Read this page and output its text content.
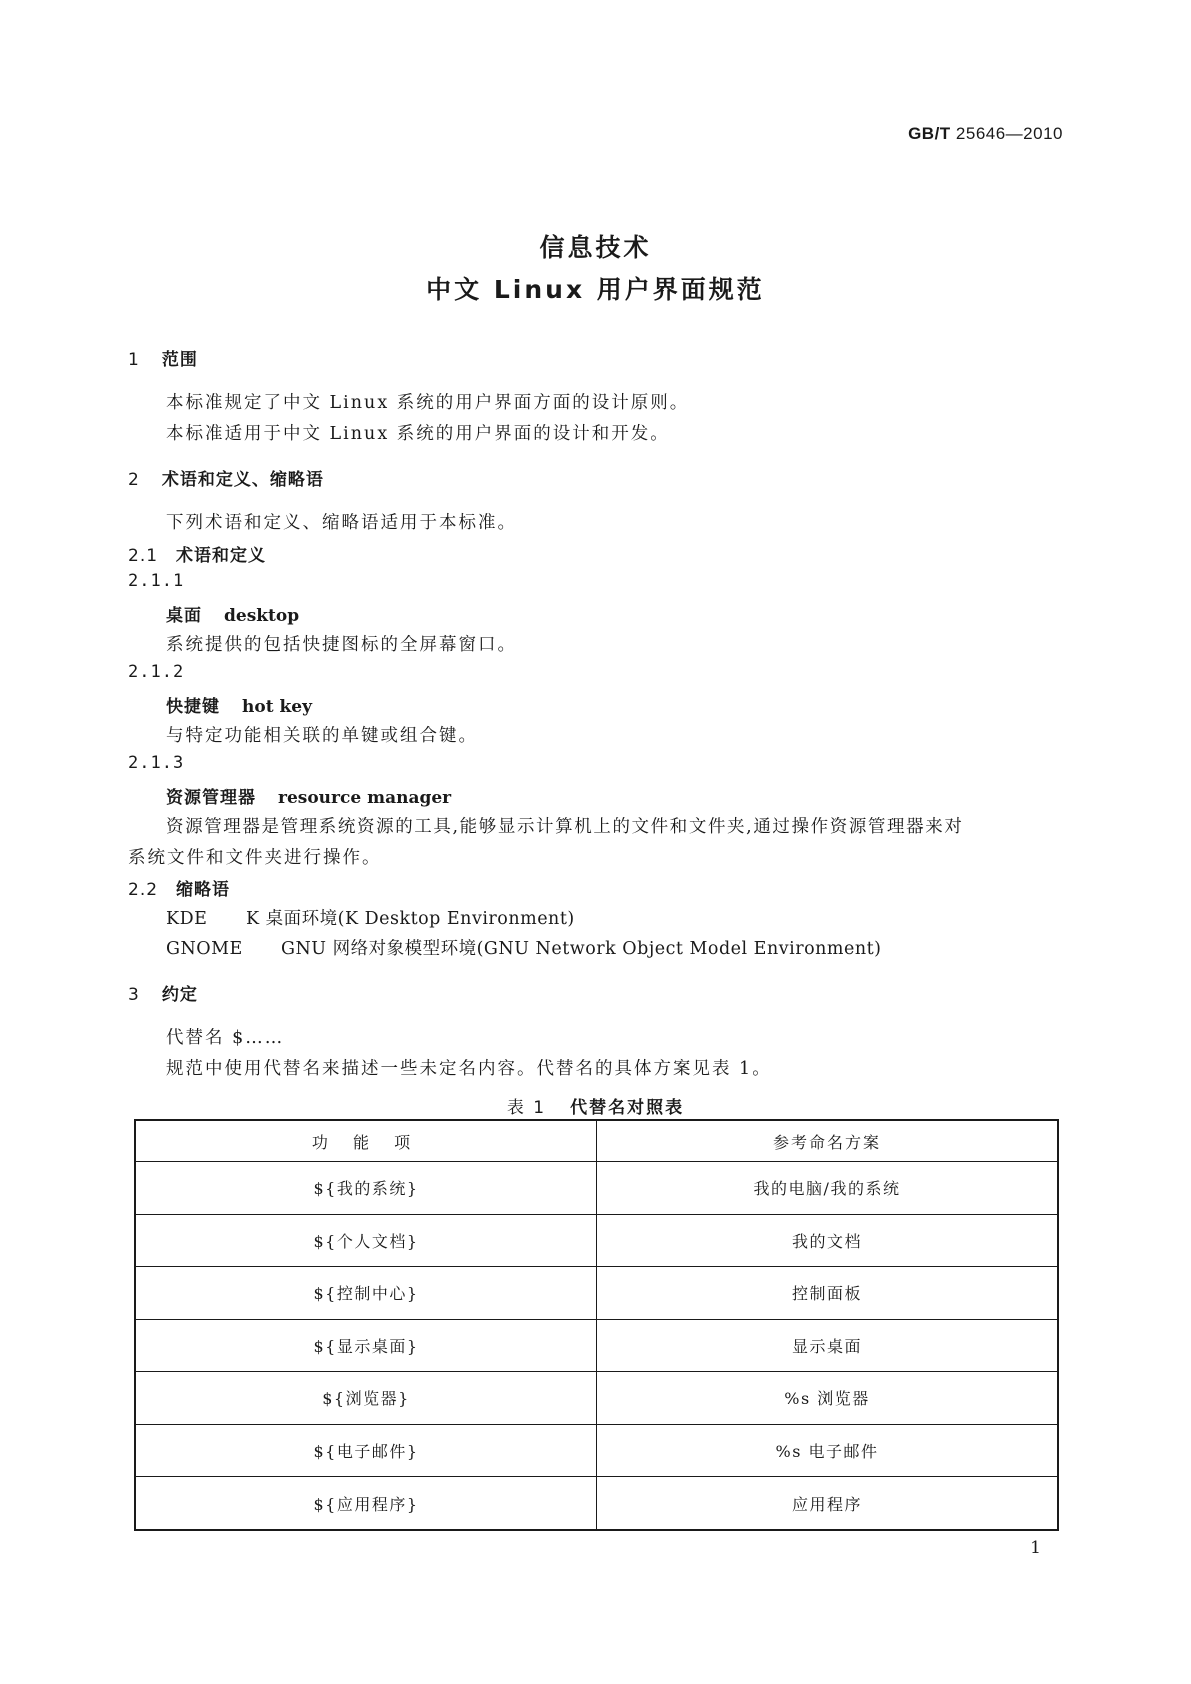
GB/T 25646—2010
信息技术
中文 Linux 用户界面规范
1 范围
本标准规定了中文 Linux 系统的用户界面方面的设计原则。
本标准适用于中文 Linux 系统的用户界面的设计和开发。
2 术语和定义、缩略语
下列术语和定义、缩略语适用于本标准。
2.1 术语和定义
2.1.1
桌面 desktop
系统提供的包括快捷图标的全屏幕窗口。
2.1.2
快捷键 hot key
与特定功能相关联的单键或组合键。
2.1.3
资源管理器 resource manager
资源管理器是管理系统资源的工具,能够显示计算机上的文件和文件夹,通过操作资源管理器来对
系统文件和文件夹进行操作。
2.2 缩略语
KDE K 桌面环境(K Desktop Environment)
GNOME GNU 网络对象模型环境(GNU Network Object Model Environment)
3 约定
代替名 $……
规范中使用代替名来描述一些未定名内容。代替名的具体方案见表 1。
表 1 代替名对照表
功 能 项	参考命名方案
${我的系统}	我的电脑/我的系统
${个人文档}	我的文档
${控制中心}	控制面板
${显示桌面}	显示桌面
${浏览器}	%s 浏览器
${电子邮件}	%s 电子邮件
${应用程序}	应用程序
1
